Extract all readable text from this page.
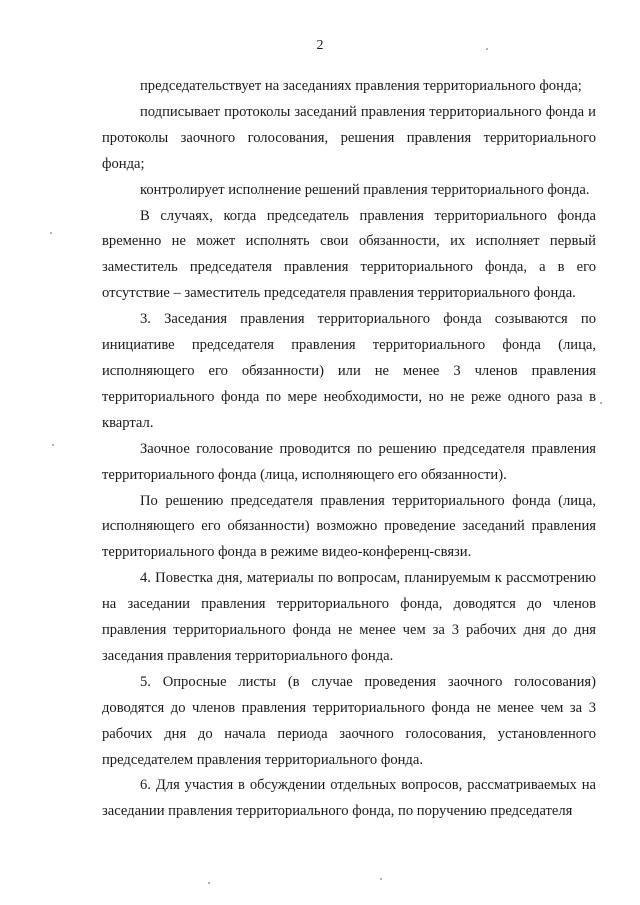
2

председательствует на заседаниях правления территориального фонда;

подписывает протоколы заседаний правления территориального фонда и протоколы заочного голосования, решения правления территориального фонда;

контролирует исполнение решений правления территориального фонда.

В случаях, когда председатель правления территориального фонда временно не может исполнять свои обязанности, их исполняет первый заместитель председателя правления территориального фонда, а в его отсутствие – заместитель председателя правления территориального фонда.

3. Заседания правления территориального фонда созываются по инициативе председателя правления территориального фонда (лица, исполняющего его обязанности) или не менее 3 членов правления территориального фонда по мере необходимости, но не реже одного раза в квартал.

Заочное голосование проводится по решению председателя правления территориального фонда (лица, исполняющего его обязанности).

По решению председателя правления территориального фонда (лица, исполняющего его обязанности) возможно проведение заседаний правления территориального фонда в режиме видео-конференц-связи.

4. Повестка дня, материалы по вопросам, планируемым к рассмотрению на заседании правления территориального фонда, доводятся до членов правления территориального фонда не менее чем за 3 рабочих дня до дня заседания правления территориального фонда.

5. Опросные листы (в случае проведения заочного голосования) доводятся до членов правления территориального фонда не менее чем за 3 рабочих дня до начала периода заочного голосования, установленного председателем правления территориального фонда.

6. Для участия в обсуждении отдельных вопросов, рассматриваемых на заседании правления территориального фонда, по поручению председателя
